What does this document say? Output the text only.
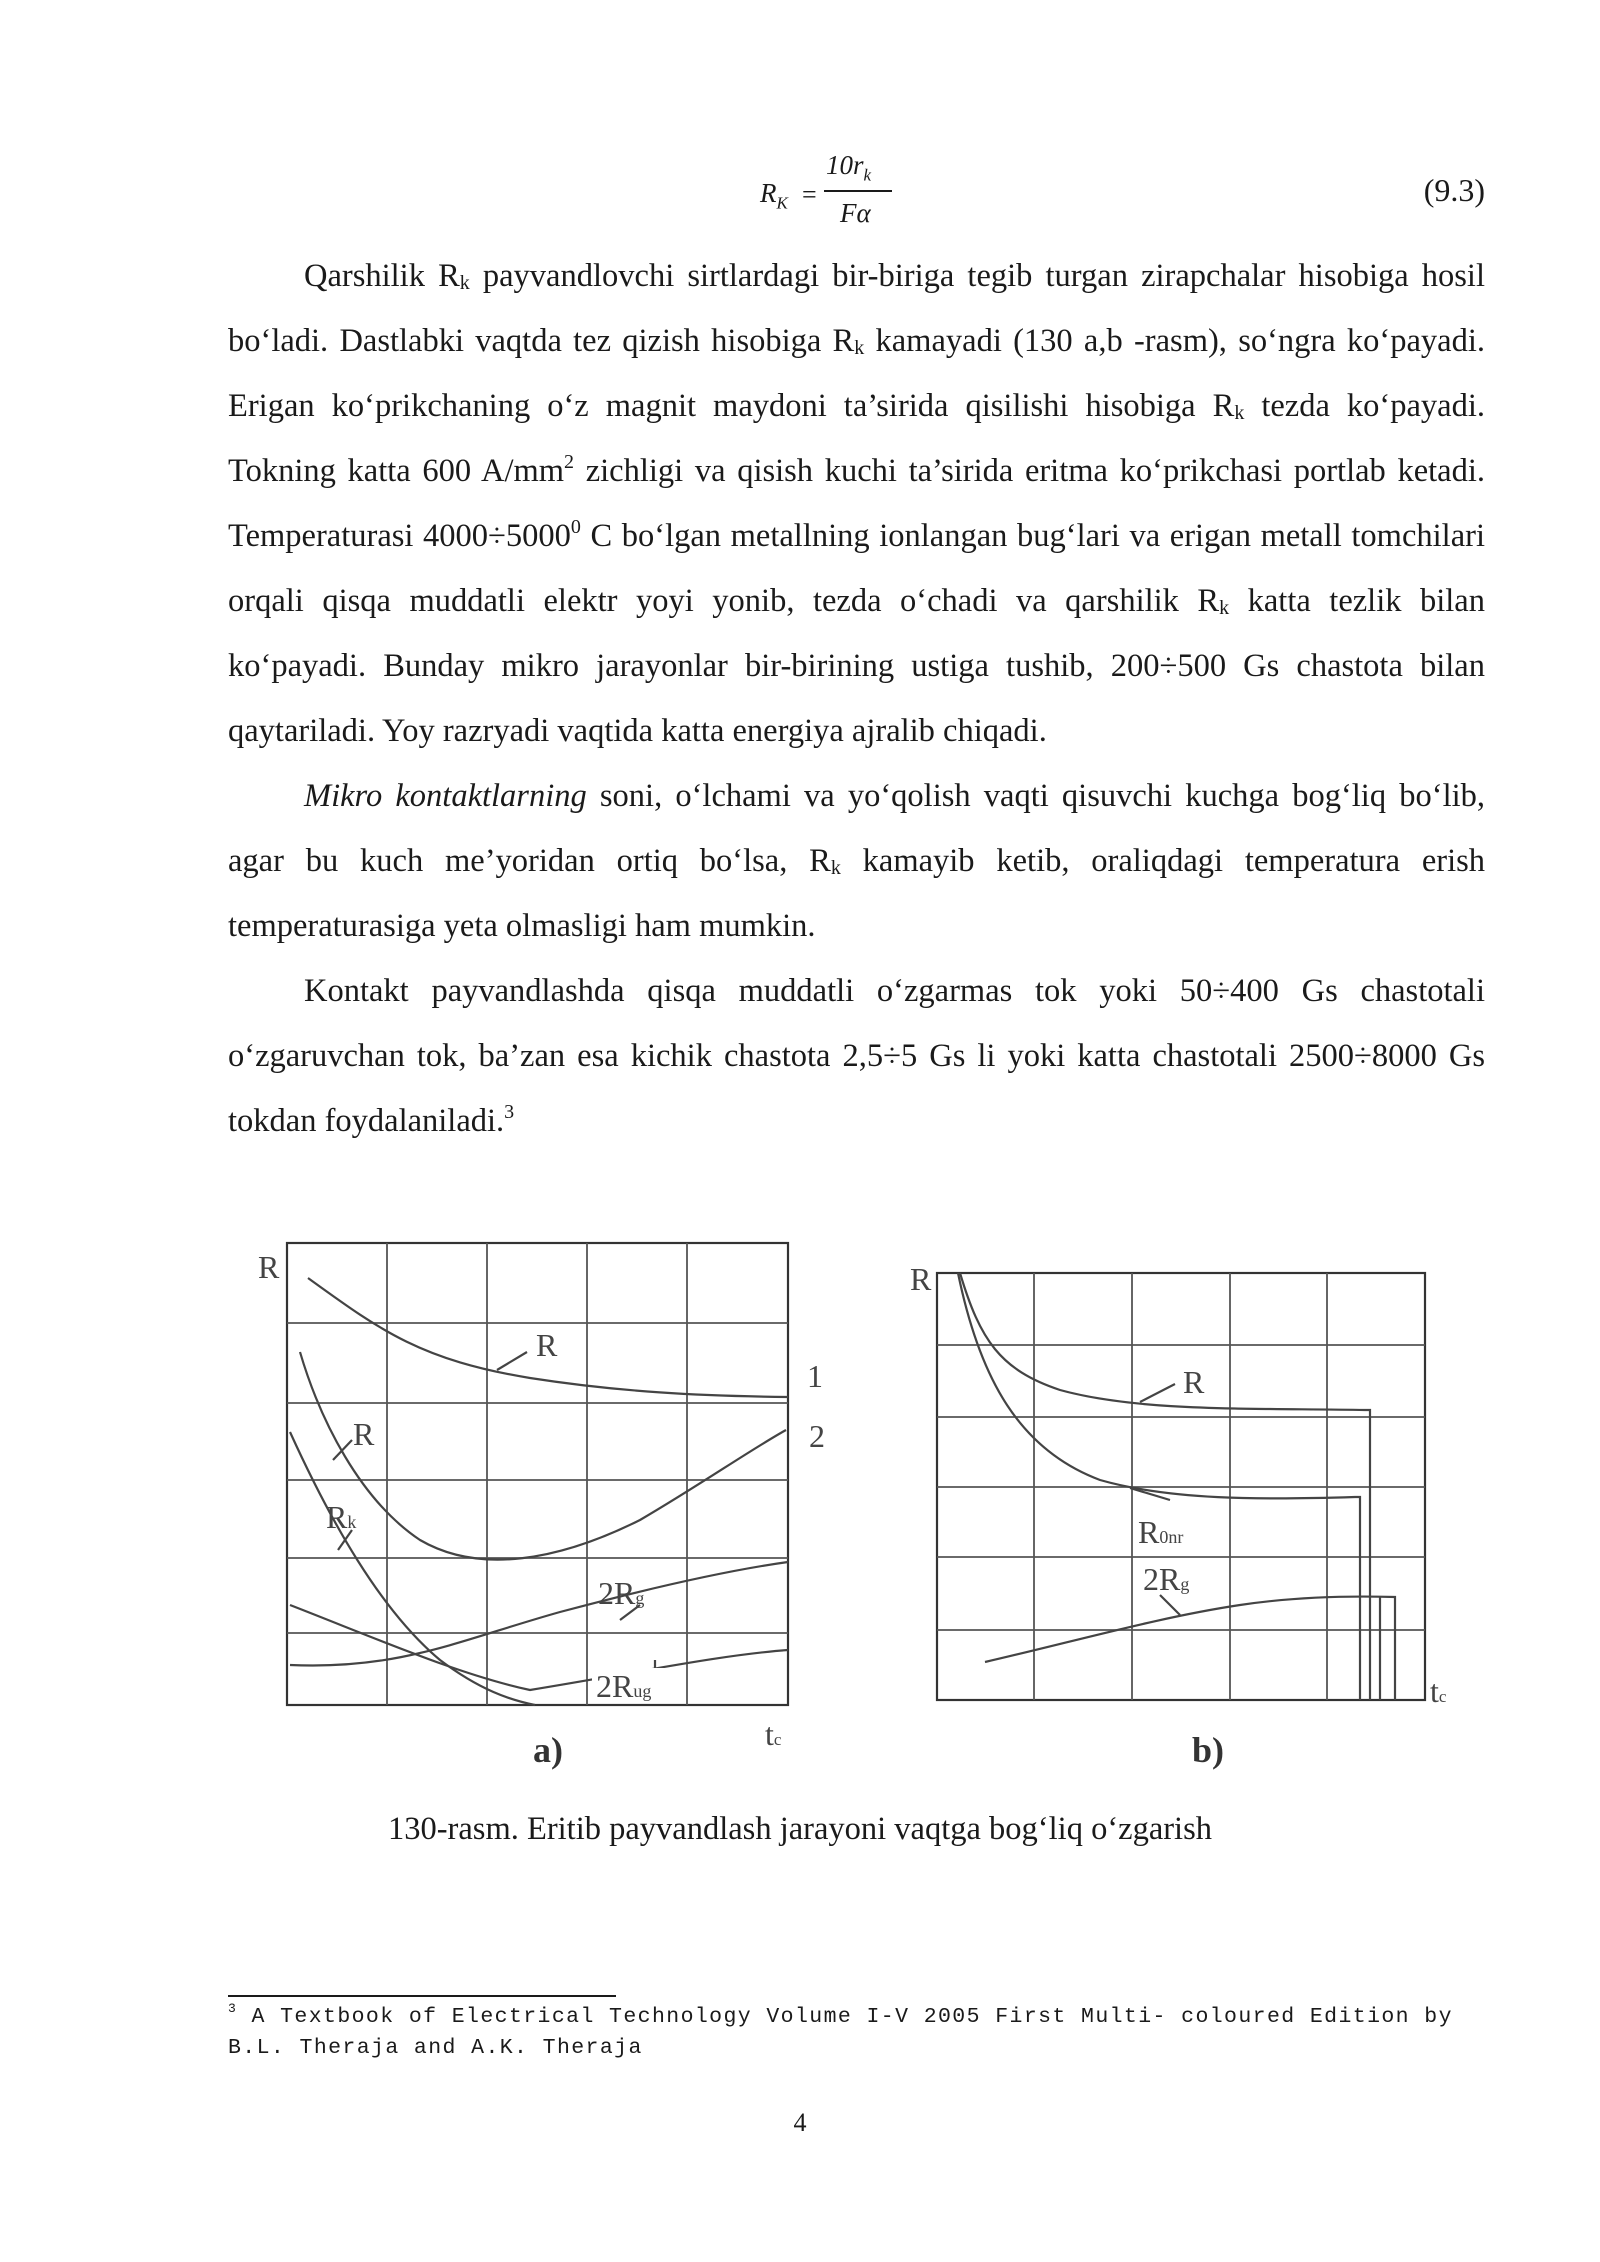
$R_K$ =
$10r_k$
Fα
(9.3)

Qarshilik $R_k$ payvandlovchi sirtlardagi bir-biriga tegib turgan zirapchalar hisobiga hosil bo‘ladi. Dastlabki vaqtda tez qizish hisobiga $R_k$ kamayadi (130 a,b -rasm), so‘ngra ko‘payadi. Erigan ko‘prikchaning o‘z magnit maydoni ta’sirida qisilishi hisobiga $R_k$ tezda ko‘payadi. Tokning katta 600 $A/mm^2$ zichligi va qisish kuchi ta’sirida eritma ko‘prikchasi portlab ketadi. Temperaturasi $4000\div 5000^0$ C bo‘lgan metallning ionlangan bug‘lari va erigan metall tomchilari orqali qisqa muddatli elektr yoyi yonib, tezda o‘chadi va qarshilik $R_k$ katta tezlik bilan ko‘payadi. Bunday mikro jarayonlar bir-birining ustiga tushib, 200÷500 Gs chastota bilan qaytariladi. Yoy razryadi vaqtida katta energiya ajralib chiqadi.

Mikro kontaktlarning soni, o‘lchami va yo‘qolish vaqti qisuvchi kuchga bog‘liq bo‘lib, agar bu kuch me’yoridan ortiq bo‘lsa, $R_k$ kamayib ketib, oraliqdagi temperatura erish temperaturasiga yeta olmasligi ham mumkin.

Kontakt payvandlashda qisqa muddatli o‘zgarmas tok yoki 50÷400 Gs chastotali o‘zgaruvchan tok, ba’zan esa kichik chastota 2,5÷5 Gs li yoki katta chastotali 2500÷8000 Gs tokdan foydalaniladi.$^3$

R
R
R
Rk
2Rg
2Rug
1
2
tc
a)
R
R
R0nr
2Rg
tc
b)
130-rasm. Eritib payvandlash jarayoni vaqtga bog‘liq o‘zgarish
$^3$ A Textbook of Electrical Technology Volume I-V 2005 First Multi- coloured Edition by B.L. Theraja and A.K. Theraja
4
